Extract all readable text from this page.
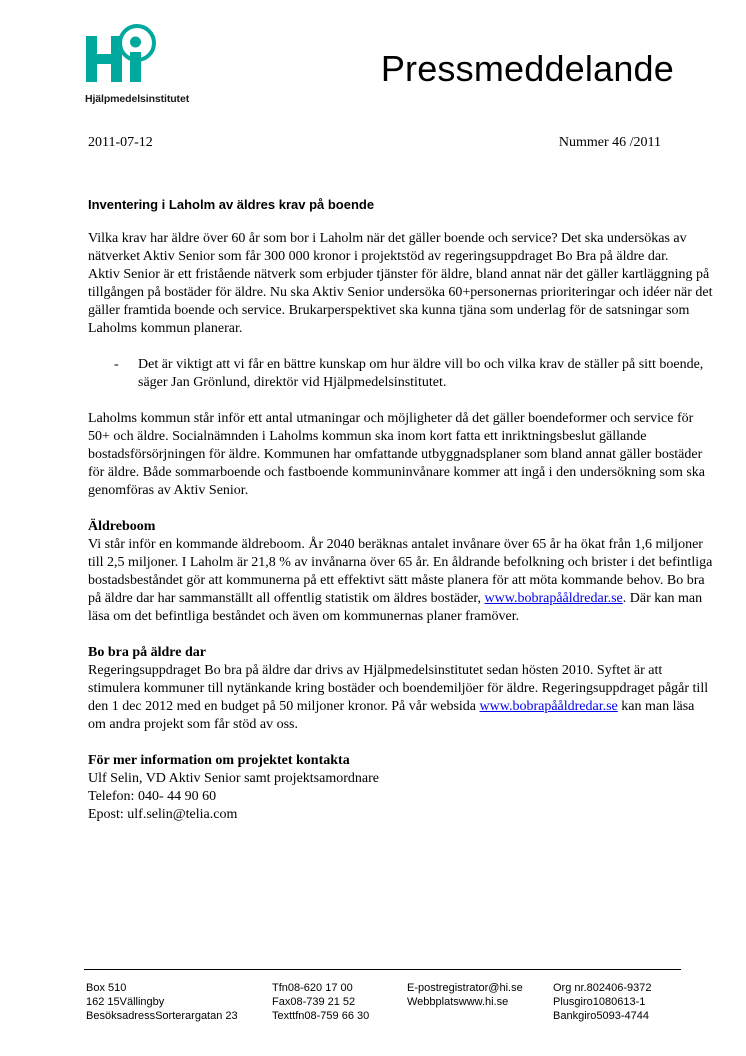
Hjälpmedelsinstitutet
Pressmeddelande
2011-07-12	Nummer 46 /2011

Inventering i Laholm av äldres krav på boende

Vilka krav har äldre över 60 år som bor i Laholm när det gäller boende och service? Det ska undersökas av nätverket Aktiv Senior som får 300 000 kronor i projektstöd av regeringsuppdraget Bo Bra på äldre dar.

Aktiv Senior är ett fristående nätverk som erbjuder tjänster för äldre, bland annat när det gäller kartläggning på tillgången på bostäder för äldre. Nu ska Aktiv Senior undersöka 60+personernas prioriteringar och idéer när det gäller framtida boende och service. Brukarperspektivet ska kunna tjäna som underlag för de satsningar som Laholms kommun planerar.

- Det är viktigt att vi får en bättre kunskap om hur äldre vill bo och vilka krav de ställer på sitt boende, säger Jan Grönlund, direktör vid Hjälpmedelsinstitutet.

Laholms kommun står inför ett antal utmaningar och möjligheter då det gäller boendeformer och service för 50+ och äldre. Socialnämnden i Laholms kommun ska inom kort fatta ett inriktningsbeslut gällande bostadsförsörjningen för äldre. Kommunen har omfattande utbyggnadsplaner som bland annat gäller bostäder för äldre. Både sommarboende och fastboende kommuninvånare kommer att ingå i den undersökning som ska genomföras av Aktiv Senior.

Äldreboom

Vi står inför en kommande äldreboom. År 2040 beräknas antalet invånare över 65 år ha ökat från 1,6 miljoner till 2,5 miljoner. I Laholm är 21,8 % av invånarna över 65 år. En åldrande befolkning och brister i det befintliga bostadsbeståndet gör att kommunerna på ett effektivt sätt måste planera för att möta kommande behov. Bo bra på äldre dar har sammanställt all offentlig statistik om äldres bostäder, www.bobrapååldredar.se. Där kan man läsa om det befintliga beståndet och även om kommunernas planer framöver.

Bo bra på äldre dar

Regeringsuppdraget Bo bra på äldre dar drivs av Hjälpmedelsinstitutet sedan hösten 2010. Syftet är att stimulera kommuner till nytänkande kring bostäder och boendemiljöer för äldre. Regeringsuppdraget pågår till den 1 dec 2012 med en budget på 50 miljoner kronor. På vår websida www.bobrapååldredar.se kan man läsa om andra projekt som får stöd av oss.

För mer information om projektet kontakta

Ulf Selin, VD Aktiv Senior samt projektsamordnare

Telefon: 040- 44 90 60

Epost: ulf.selin@telia.com

Box 510
162 15Vällingby
BesöksadressSorterargatan 23
Tfn08-620 17 00
Fax08-739 21 52
Texttfn08-759 66 30
E-postregistrator@hi.se
Webbplatswww.hi.se
Org nr.802406-9372
Plusgiro1080613-1
Bankgiro5093-4744
